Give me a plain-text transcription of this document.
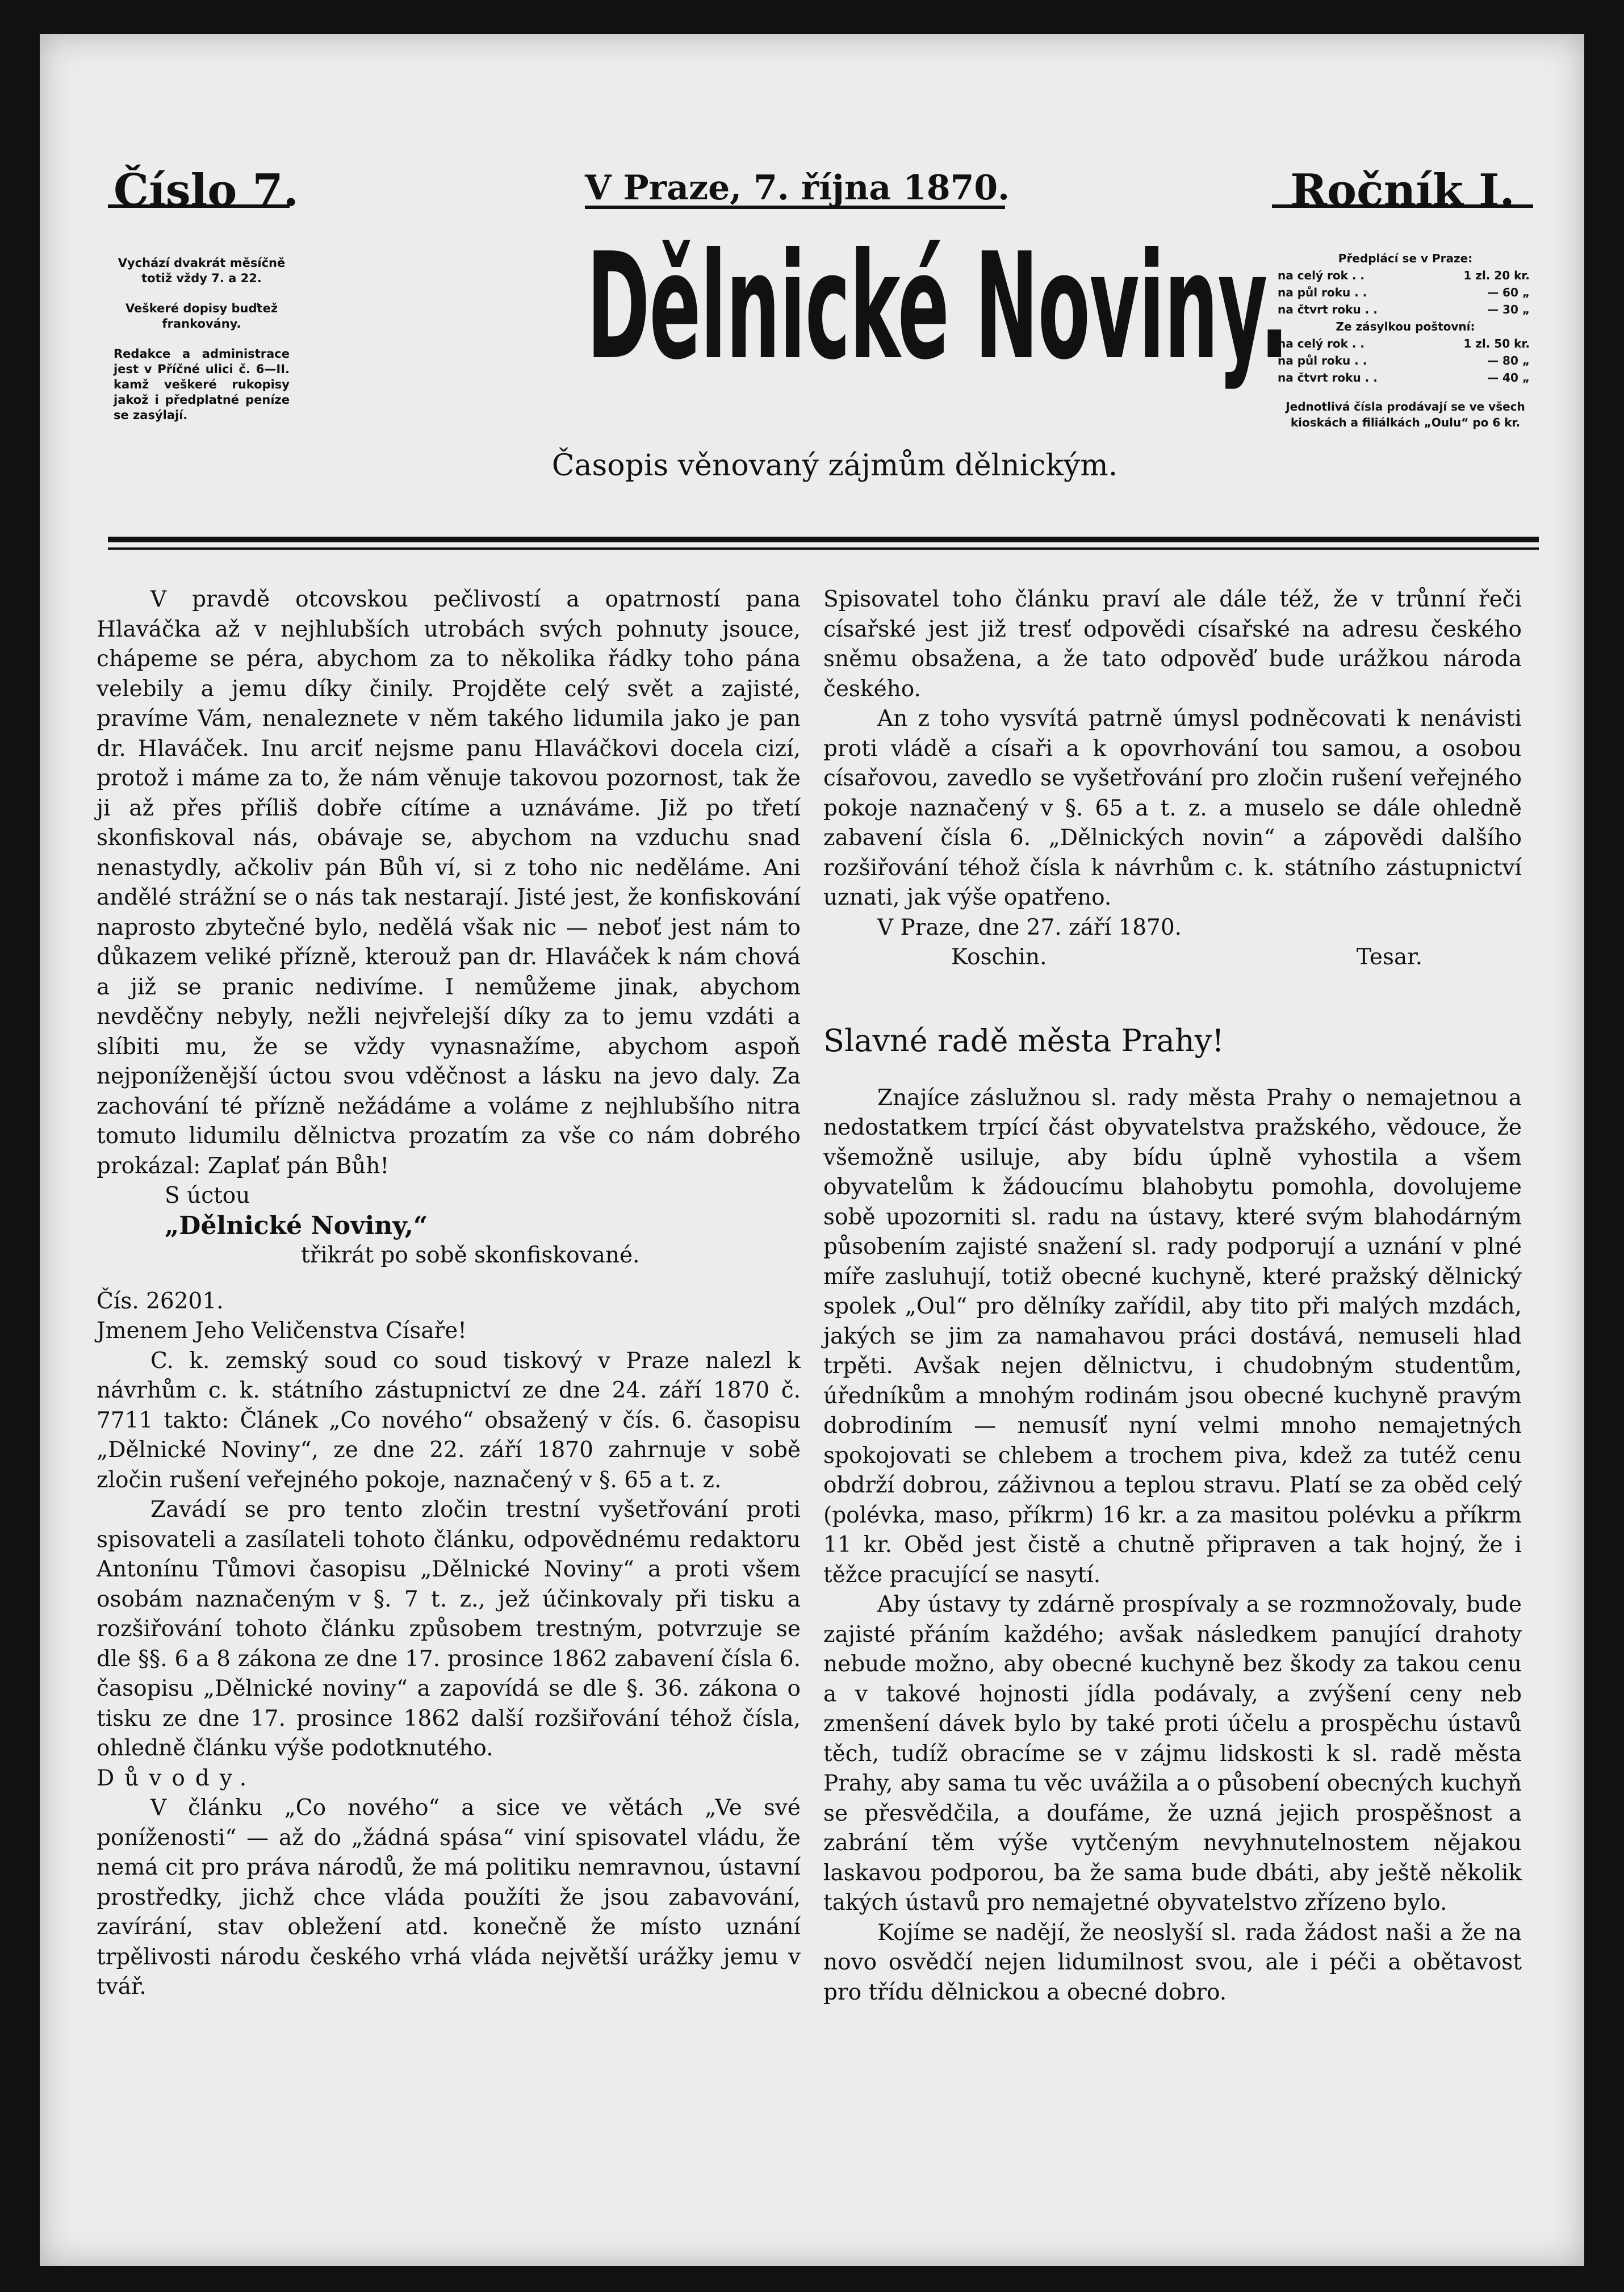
Číslo 7.	V Praze, 7. října 1870.	Ročník I.

Vychází dvakrát měsíčně totiž vždy 7. a 22.

Veškeré dopisy buďtež frankovány.

Redakce a administrace jest v Příčné ulici č. 6—II. kamž veškeré rukopisy jakož i předplatné peníze se zasýlají.

Dělnické Noviny.
Časopis věnovaný zájmům dělnickým.

Předplácí se v Praze:

na celý rok . .	1 zl. 20 kr.
na půl roku . .	— 60 „
na čtvrt roku . .	— 30 „

Ze zásylkou poštovní:

na celý rok . .	1 zl. 50 kr.
na půl roku . .	— 80 „
na čtvrt roku . .	— 40 „
Jednotlivá čísla prodávají se ve všech kioskách a filiálkách „Oulu“ po 6 kr.

V pravdě otcovskou pečlivostí a opatrností pana Hlaváčka až v nejhlubších utrobách svých pohnuty jsouce, chápeme se péra, abychom za to několika řádky toho pána velebily a jemu díky činily. Projděte celý svět a zajisté, pravíme Vám, nenaleznete v něm takého lidumila jako je pan dr. Hlaváček. Inu arciť nejsme panu Hlaváčkovi docela cizí, protož i máme za to, že nám věnuje takovou pozornost, tak že ji až přes příliš dobře cítíme a uznáváme. Již po třetí skonfiskoval nás, obávaje se, abychom na vzduchu snad nenastydly, ačkoliv pán Bůh ví, si z toho nic neděláme. Ani andělé strážní se o nás tak nestarají. Jisté jest, že konfiskování naprosto zbytečné bylo, nedělá však nic — neboť jest nám to důkazem veliké přízně, kterouž pan dr. Hlaváček k nám chová a již se pranic nedivíme. I nemůžeme jinak, abychom nevděčny nebyly, nežli nejvřelejší díky za to jemu vzdáti a slíbiti mu, že se vždy vynasnažíme, abychom aspoň nejponíženější úctou svou vděčnost a lásku na jevo daly. Za zachování té přízně nežádáme a voláme z nejhlubšího nitra tomuto lidumilu dělnictva prozatím za vše co nám dobrého prokázal: Zaplať pán Bůh!

S úctou
„Dělnické Noviny,“
třikrát po sobě skonfiskované.
Čís. 26201.
Jmenem Jeho Veličenstva Císaře!

C. k. zemský soud co soud tiskový v Praze nalezl k návrhům c. k. státního zástupnictví ze dne 24. září 1870 č. 7711 takto: Článek „Co nového“ obsažený v čís. 6. časopisu „Dělnické Noviny“, ze dne 22. září 1870 zahrnuje v sobě zločin rušení veřejného pokoje, naznačený v §. 65 a t. z.

Zavádí se pro tento zločin trestní vyšetřování proti spisovateli a zasílateli tohoto článku, odpovědnému redaktoru Antonínu Tůmovi časopisu „Dělnické Noviny“ a proti všem osobám naznačeným v §. 7 t. z., jež účinkovaly při tisku a rozšiřování tohoto článku způsobem trestným, potvrzuje se dle §§. 6 a 8 zákona ze dne 17. prosince 1862 zabavení čísla 6. časopisu „Dělnické noviny“ a zapovídá se dle §. 36. zákona o tisku ze dne 17. prosince 1862 další rozšiřování téhož čísla, ohledně článku výše podotknutého.

Důvody.

V článku „Co nového“ a sice ve větách „Ve své poníženosti“ — až do „žádná spása“ viní spisovatel vládu, že nemá cit pro práva národů, že má politiku nemravnou, ústavní prostředky, jichž chce vláda použíti že jsou zabavování, zavírání, stav obležení atd. konečně že místo uznání trpělivosti národu českého vrhá vláda největší urážky jemu v tvář.

Spisovatel toho článku praví ale dále též, že v trůnní řeči císařské jest již tresť odpovědi císařské na adresu českého sněmu obsažena, a že tato odpověď bude urážkou národa českého.

An z toho vysvítá patrně úmysl podněcovati k nenávisti proti vládě a císaři a k opovrhování tou samou, a osobou císařovou, zavedlo se vyšetřování pro zločin rušení veřejného pokoje naznačený v §. 65 a t. z. a muselo se dále ohledně zabavení čísla 6. „Dělnických novin“ a zápovědi dalšího rozšiřování téhož čísla k návrhům c. k. státního zástupnictví uznati, jak výše opatřeno.

V Praze, dne 27. září 1870.

Koschin.	Tesar.
Slavné radě města Prahy!

Znajíce záslužnou sl. rady města Prahy o nemajetnou a nedostatkem trpící část obyvatelstva pražského, vědouce, že všemožně usiluje, aby bídu úplně vyhostila a všem obyvatelům k žádoucímu blahobytu pomohla, dovolujeme sobě upozorniti sl. radu na ústavy, které svým blahodárným působením zajisté snažení sl. rady podporují a uznání v plné míře zasluhují, totiž obecné kuchyně, které pražský dělnický spolek „Oul“ pro dělníky zařídil, aby tito při malých mzdách, jakých se jim za namahavou práci dostává, nemuseli hlad trpěti. Avšak nejen dělnictvu, i chudobným studentům, úředníkům a mnohým rodinám jsou obecné kuchyně pravým dobrodiním — nemusíť nyní velmi mnoho nemajetných spokojovati se chlebem a trochem piva, kdež za tutéž cenu obdrží dobrou, záživnou a teplou stravu. Platí se za oběd celý (polévka, maso, příkrm) 16 kr. a za masitou polévku a příkrm 11 kr. Oběd jest čistě a chutně připraven a tak hojný, že i těžce pracující se nasytí.

Aby ústavy ty zdárně prospívaly a se rozmnožovaly, bude zajisté přáním každého; avšak následkem panující drahoty nebude možno, aby obecné kuchyně bez škody za takou cenu a v takové hojnosti jídla podávaly, a zvýšení ceny neb zmenšení dávek bylo by také proti účelu a prospěchu ústavů těch, tudíž obracíme se v zájmu lidskosti k sl. radě města Prahy, aby sama tu věc uvážila a o působení obecných kuchyň se přesvědčila, a doufáme, že uzná jejich prospěšnost a zabrání těm výše vytčeným nevyhnutelnostem nějakou laskavou podporou, ba že sama bude dbáti, aby ještě několik takých ústavů pro nemajetné obyvatelstvo zřízeno bylo.

Kojíme se nadějí, že neoslyší sl. rada žádost naši a že na novo osvědčí nejen lidumilnost svou, ale i péči a obětavost pro třídu dělnickou a obecné dobro.
